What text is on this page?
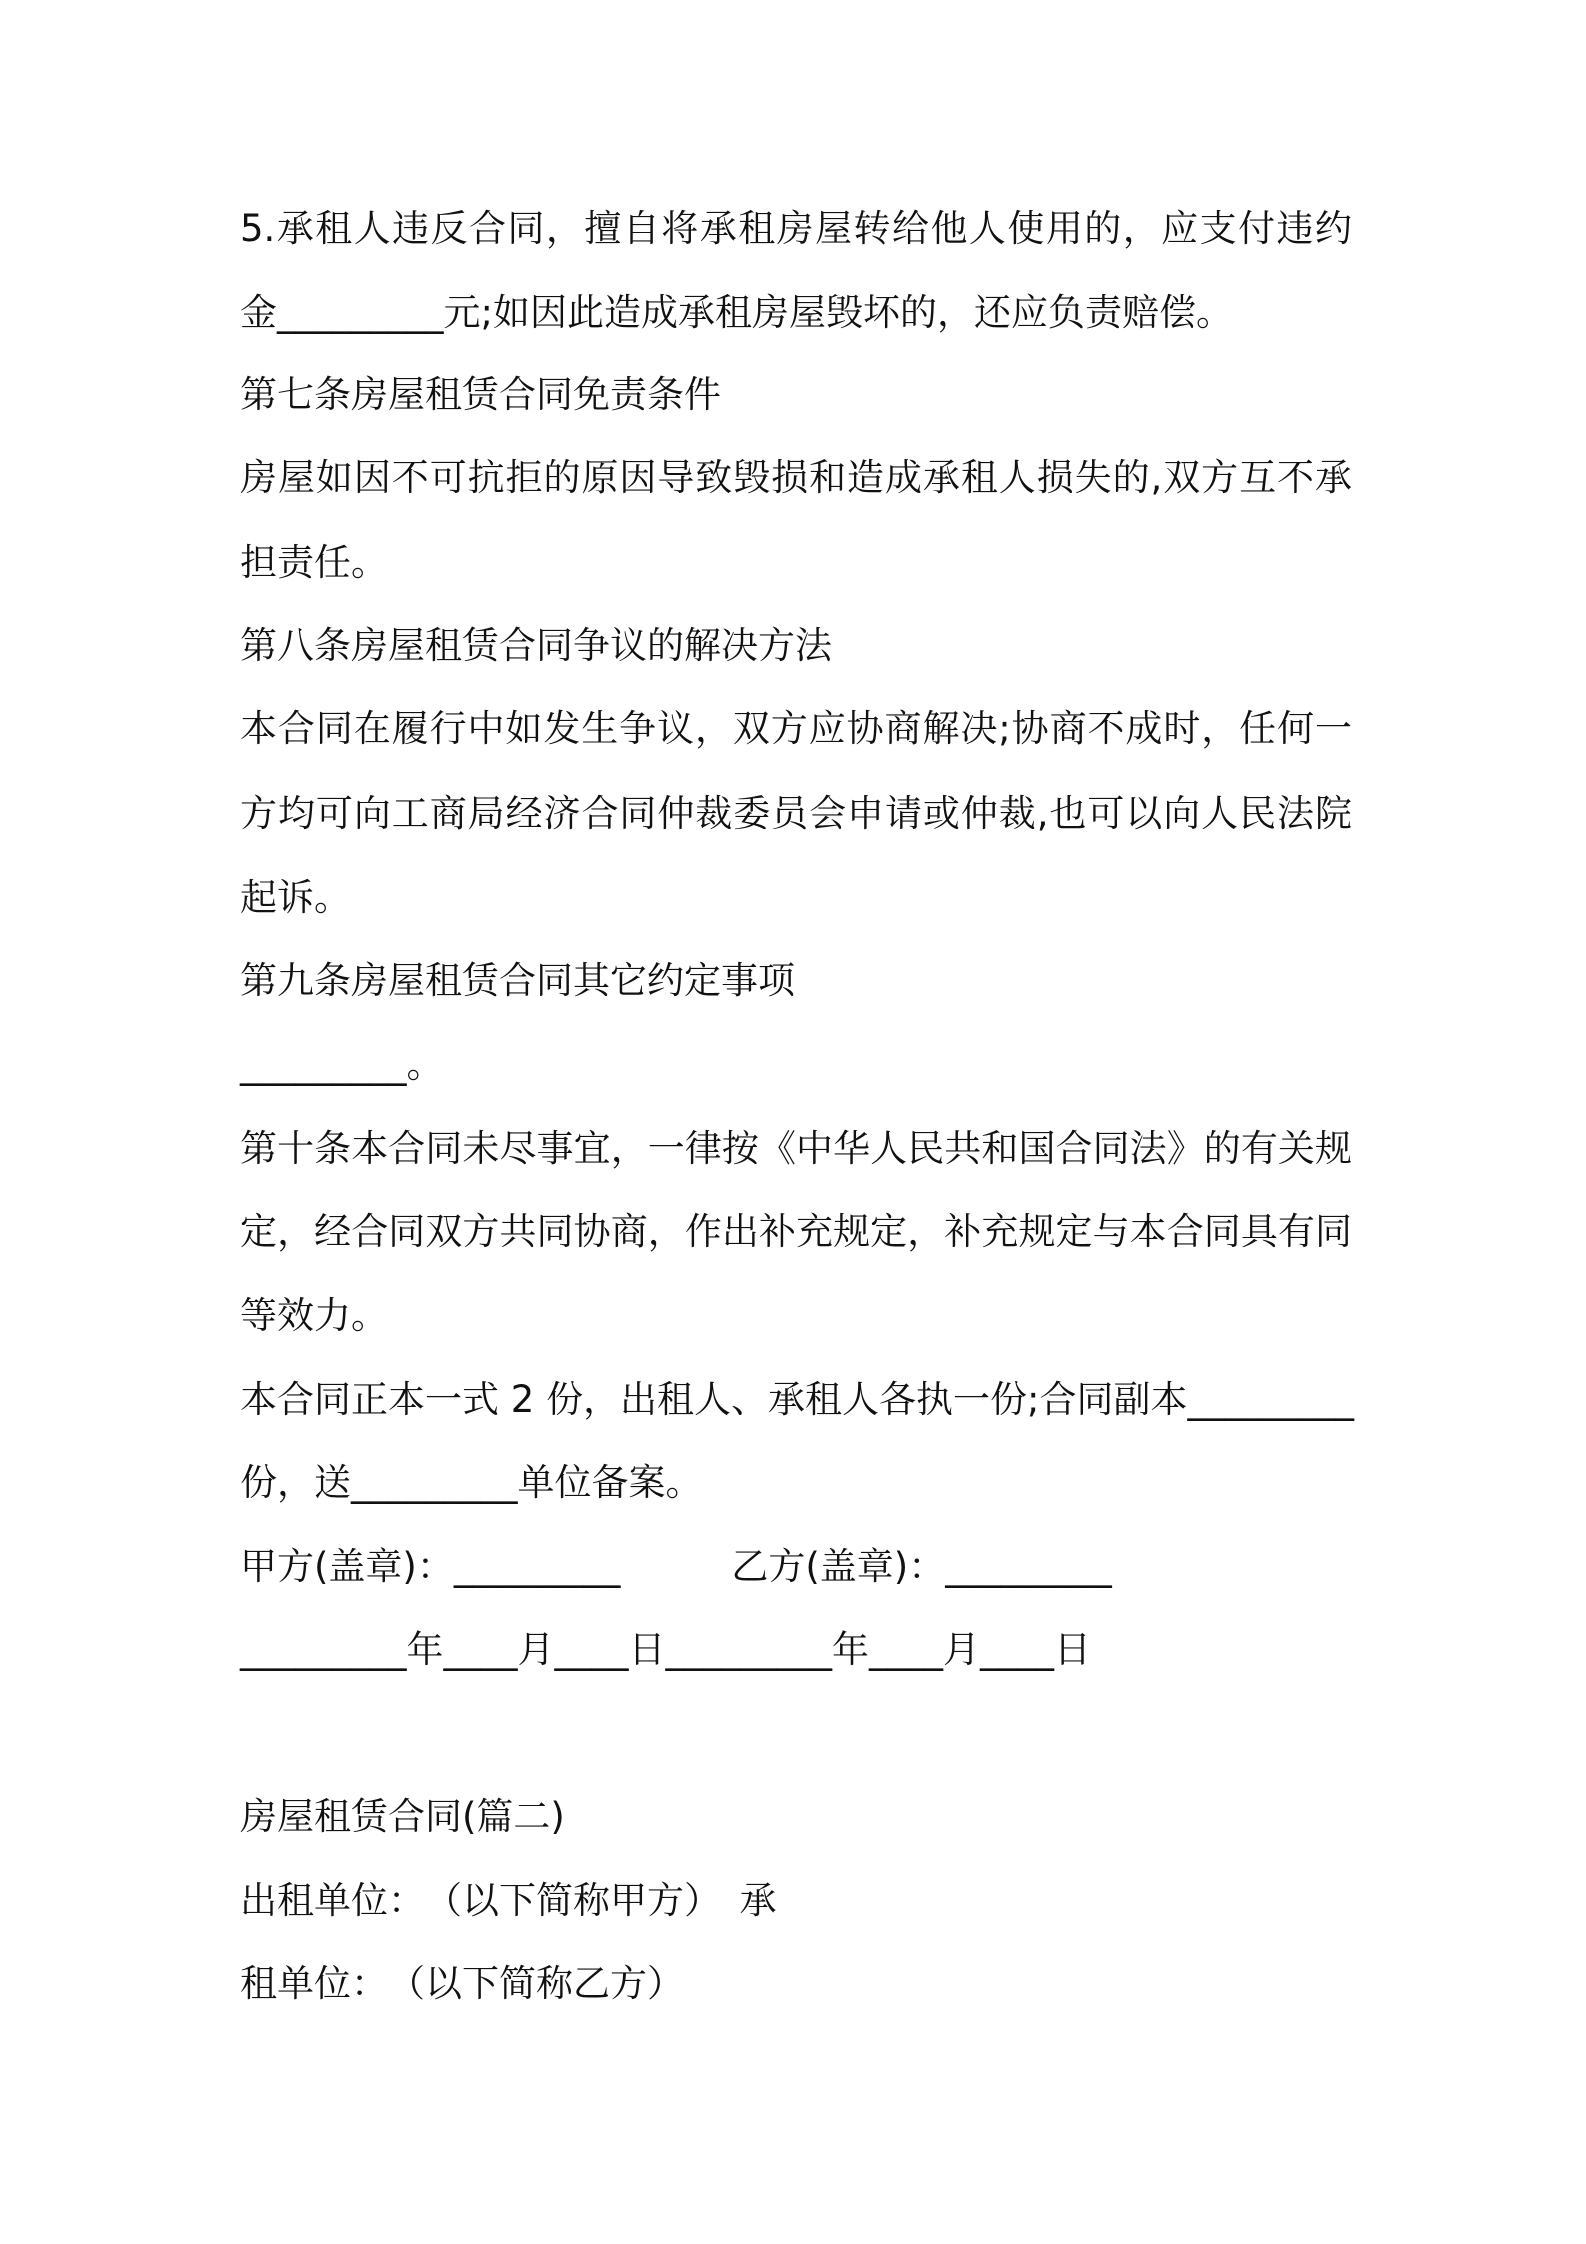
5.承租人违反合同，擅自将承租房屋转给他人使用的，应支付违约

金_________元;如因此造成承租房屋毁坏的，还应负责赔偿。

第七条房屋租赁合同免责条件

房屋如因不可抗拒的原因导致毁损和造成承租人损失的,双方互不承

担责任。

第八条房屋租赁合同争议的解决方法

本合同在履行中如发生争议，双方应协商解决;协商不成时，任何一

方均可向工商局经济合同仲裁委员会申请或仲裁,也可以向人民法院

起诉。

第九条房屋租赁合同其它约定事项

_________。

第十条本合同未尽事宜，一律按《中华人民共和国合同法》的有关规

定，经合同双方共同协商，作出补充规定，补充规定与本合同具有同

等效力。

本合同正本一式 2 份，出租人、承租人各执一份;合同副本_________

份，送_________单位备案。

甲方(盖章)：_________　　　乙方(盖章)：_________

_________年____月____日_________年____月____日

房屋租赁合同(篇二)

出租单位：　（以下简称甲方）　承

租单位：　（以下简称乙方）
